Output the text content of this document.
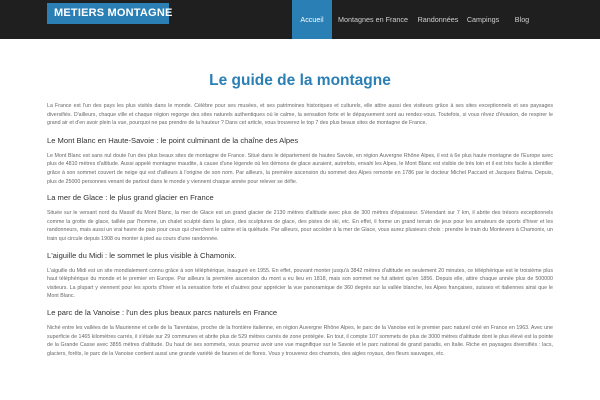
METIERS MONTAGNE
Accueil	Montagnes en France	Randonnées	Campings	Blog
Le guide de la montagne

La France est l'un des pays les plus visités dans le monde. Célèbre pour ses musées, et ses patrimoines historiques et culturels, elle attire aussi des visiteurs grâce à ses sites exceptionnels et ses paysages diversifiés. D'ailleurs, chaque ville et chaque région regorge des sites naturels authentiques où le calme, la sensation forte et le dépaysement sont au rendez-vous. Toutefois, si vous rêvez d'évasion, de respirer le grand air et d'en avoir plein la vue, pourquoi ne pas prendre de la hauteur ? Dans cet article, vous trouverez le top 7 des plus beaux sites de montagne de France.

Le Mont Blanc en Haute-Savoie : le point culminant de la chaîne des Alpes

Le Mont Blanc est sans nul doute l'un des plus beaux sites de montagne de France. Situé dans le département de hautes Savoie, en région Auvergne Rhône Alpes, il est à 6e plus haute montagne de l'Europe avec plus de 4810 mètres d'altitude. Aussi appelé montagne maudite, à cause d'une légende où les démons de glace auraient, autrefois, envahi les Alpes, le Mont Blanc est visible de très loin et il est très facile à identifier grâce à son sommet couvert de neige qui est d'ailleurs à l'origine de son nom. Par ailleurs, la première ascension du sommet des Alpes remonte en 1786 par le docteur Michel Paccard et Jacques Balma. Depuis, plus de 25000 personnes venant de partout dans le monde y viennent chaque année pour relever se défie.

La mer de Glace : le plus grand glacier en France

Située sur le versant nord du Massif du Mont Blanc, la mer de Glace est un grand glacier de 2130 mètres d'altitude avec plus de 300 mètres d'épaisseur. S'étendant sur 7 km, il abrite des trésors exceptionnels comme la grotte de glace, taillée par l'homme, un chalet sculpté dans la glace, des sculptures de glace, des pistes de ski, etc. En effet, il forme un grand terrain de jeux pour les amateurs de sports d'hiver et les randonneurs, mais aussi un vrai havre de paix pour ceux qui cherchent le calme et la quiétude. Par ailleurs, pour accéder à la mer de Glace, vous aurez plusieurs choix : prendre le train du Montevers à Chamonix, un train qui circule depuis 1908 ou monter à pied au cours d'une randonnée.

L'aiguille du Midi : le sommet le plus visible à Chamonix.

L'aiguille du Midi est un site mondialement connu grâce à son téléphérique, inauguré en 1955. En effet, pouvant monter jusqu'à 3842 mètres d'altitude en seulement 20 minutes, ce téléphérique est le troisième plus haut téléphérique du monde et le premier en Europe. Par ailleurs la première ascension du mont a eu lieu en 1818, mais son sommet ne fut atteint qu'en 1856. Depuis elle, attire chaque année plus de 500000 visiteurs. La plupart y viennent pour les sports d'hiver et la sensation forte et d'autres pour apprécier la vue panoramique de 360 degrés sur la vallée blanche, les Alpes françaises, suisses et italiennes ainsi que le Mont Blanc.

Le parc de la Vanoise : l'un des plus beaux parcs naturels en France

Niché entre les vallées de la Maurienne et celle de la Tarentaise, proche de la frontière italienne, en région Auvergne Rhône Alpes, le parc de la Vanoise est le premier parc naturel créé en France en 1963. Avec une superficie de 1465 kilomètres carrés, il s'étale sur 29 communes et abrite plus de 529 mètres carrés de zone protégée. En tout, il compte 107 sommets de plus de 3000 mètres d'altitude dont le plus élevé est la pointe de la Grande Casse avec 3855 mètres d'altitude. Du haut de ses sommets, vous pourrez avoir une vue magnifique sur le Savoie et le parc national de grand paradis, en Italie. Riche en paysages diversifiés : lacs, glaciers, forêts, le parc de la Vanoise contient aussi une grande variété de faunes et de flores. Vous y trouverez des chamois, des aigles royaux, des fleurs sauvages, etc.
